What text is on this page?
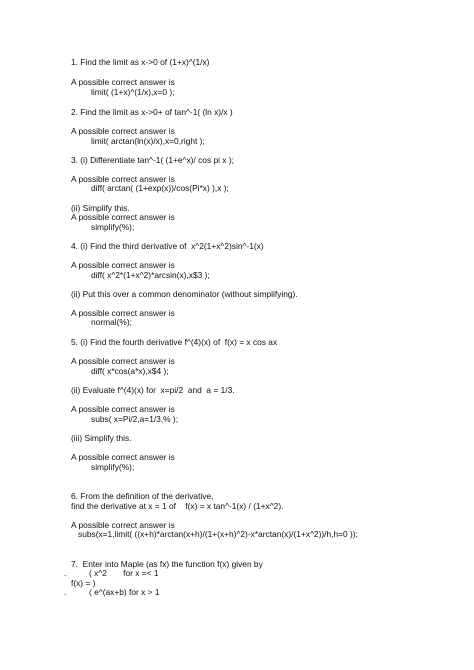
1. Find the limit as x->0 of (1+x)^(1/x)
A possible correct answer is
limit( (1+x)^(1/x),x=0 );
2. Find the limit as x->0+ of tan^-1( (ln x)/x )
A possible correct answer is
limit( arctan(ln(x)/x),x=0,right );
3. (i) Differentiate tan^-1( (1+e^x)/ cos pi x );
A possible correct answer is
diff( arctan( (1+exp(x))/cos(Pi*x) ),x );
(ii) Simplify this.
A possible correct answer is
simplify(%);
4. (i) Find the third derivative of  x^2(1+x^2)sin^-1(x)
A possible correct answer is
diff( x^2*(1+x^2)*arcsin(x),x$3 );
(ii) Put this over a common denominator (without simplifying).
A possible correct answer is
normal(%);
5. (i) Find the fourth derivative f^(4)(x) of  f(x) = x cos ax
A possible correct answer is
diff( x*cos(a*x),x$4 );
(ii) Evaluate f^(4)(x) for  x=pi/2  and  a = 1/3.
A possible correct answer is
subs( x=Pi/2,a=1/3,% );
(iii) Simplify this.
A possible correct answer is
simplify(%);
6. From the definition of the derivative,
find the derivative at x = 1 of    f(x) = x tan^-1(x) / (1+x^2).
A possible correct answer is
subs(x=1,limit( ((x+h)*arctan(x+h)/(1+(x+h)^2)-x*arctan(x)/(1+x^2))/h,h=0 ));
7.  Enter into Maple (as fx) the function f(x) given by
.	( x^2       for x =< 1
f(x) = )
.	( e^(ax+b) for x > 1
